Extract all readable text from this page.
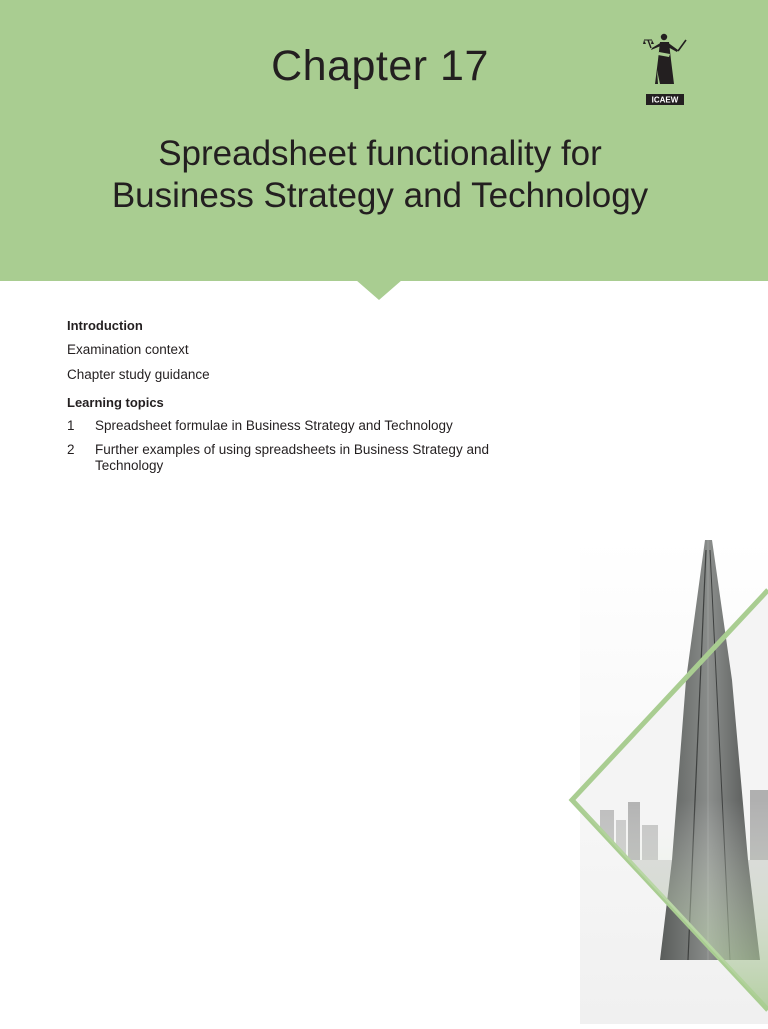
Chapter 17
Spreadsheet functionality for
Business Strategy and Technology
ICAEW
Introduction
Examination context
Chapter study guidance
Learning topics
1	Spreadsheet formulae in Business Strategy and Technology
2	Further examples of using spreadsheets in Business Strategy and Technology
